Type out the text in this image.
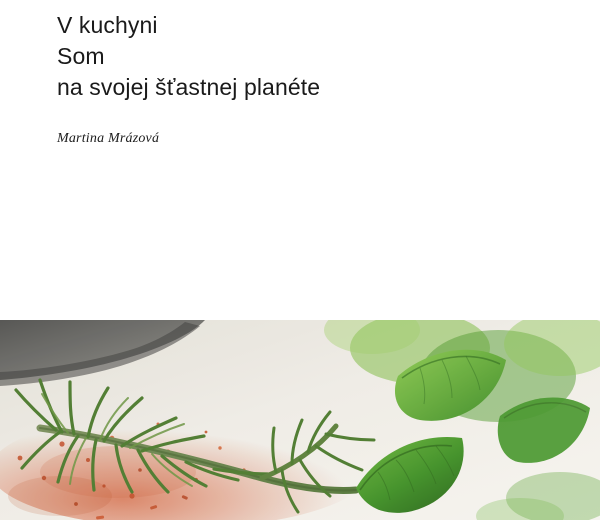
V kuchyni
Som
na svojej šťastnej planéte
Martina Mrázová
